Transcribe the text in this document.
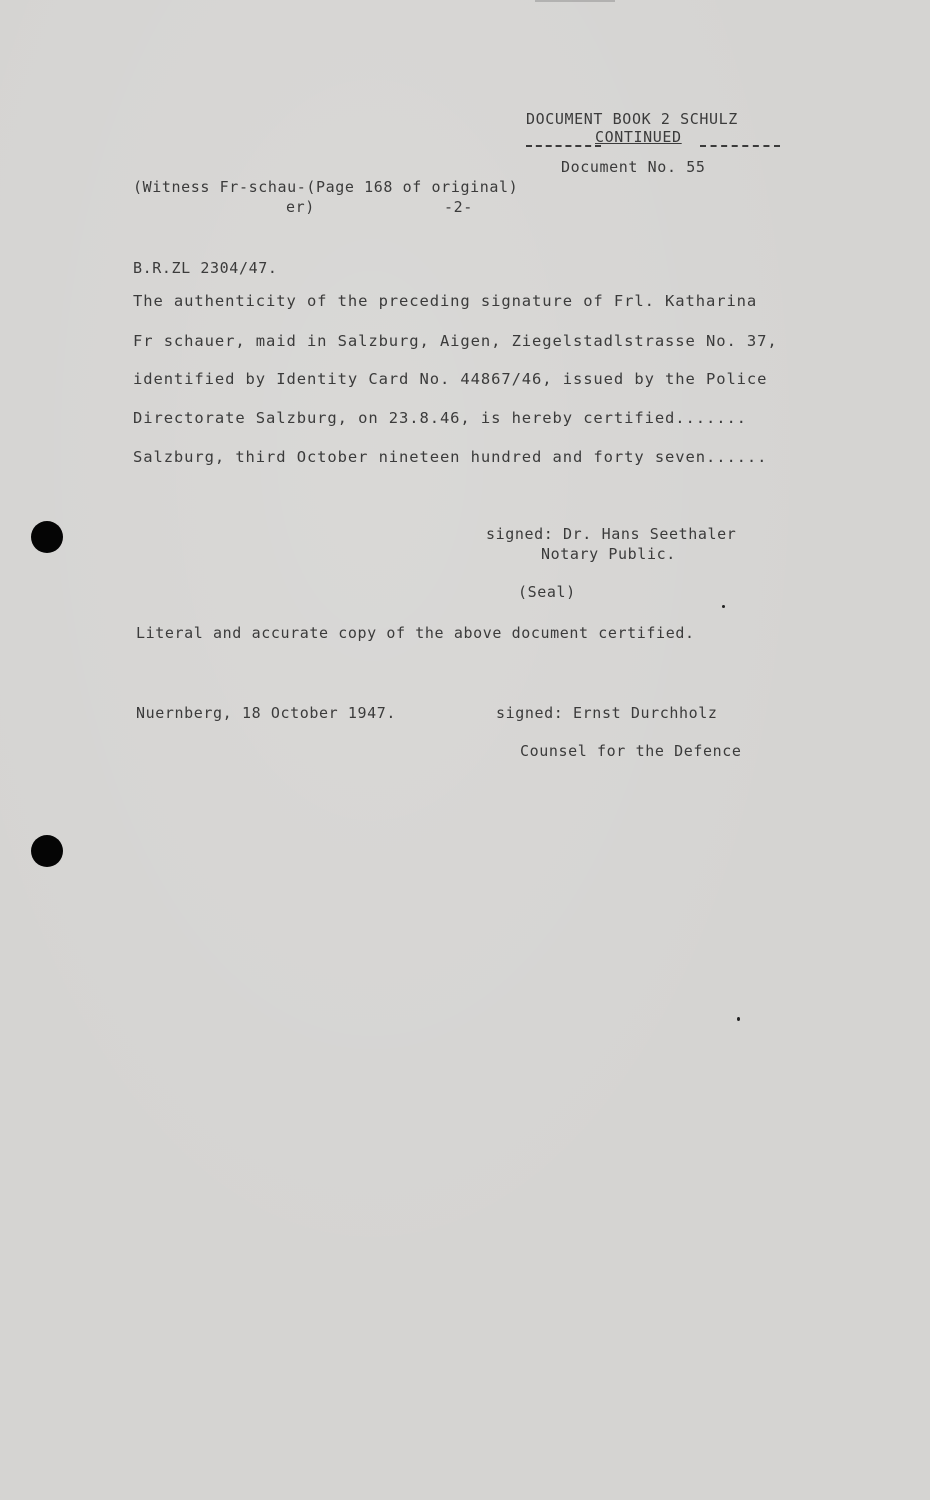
DOCUMENT BOOK 2 SCHULZ
CONTINUED
Document No. 55
(Witness Fr-schau-(Page 168 of original)
er)	-2-
B.R.ZL 2304/47.
The authenticity of the preceding signature of Frl. Katharina
Fr schauer, maid in Salzburg, Aigen, Ziegelstadlstrasse No. 37,
identified by Identity Card No. 44867/46, issued by the Police
Directorate Salzburg, on 23.8.46, is hereby certified.......
Salzburg, third October nineteen hundred and forty seven......
signed: Dr. Hans Seethaler
Notary Public.
(Seal)
Literal and accurate copy of the above document certified.
Nuernberg, 18 October 1947.	signed: Ernst Durchholz
Counsel for the Defence
